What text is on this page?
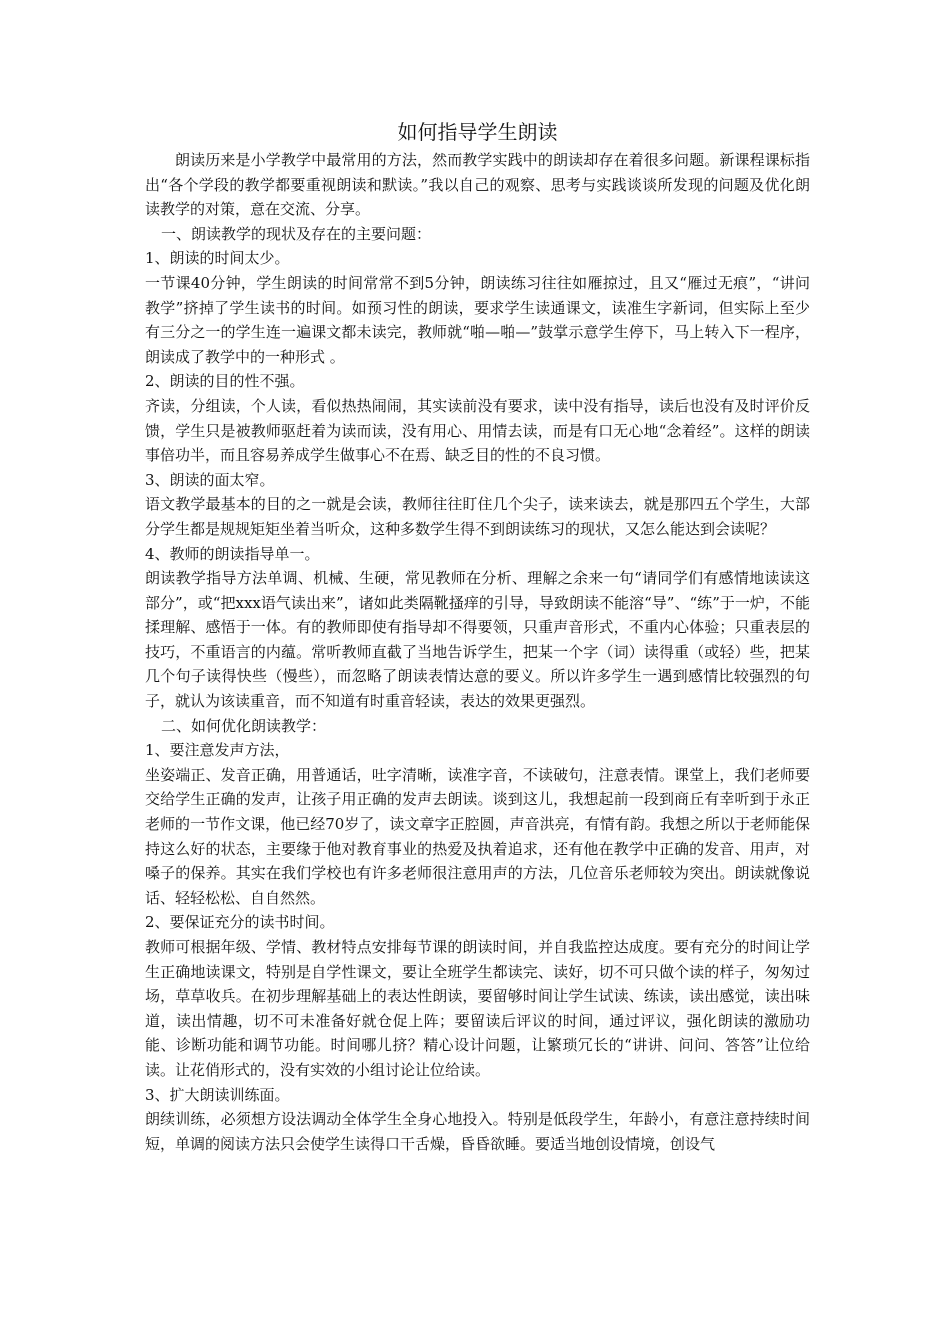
如何指导学生朗读

朗读历来是小学教学中最常用的方法，然而教学实践中的朗读却存在着很多问题。新课程课标指出“各个学段的教学都要重视朗读和默读。”我以自己的观察、思考与实践谈谈所发现的问题及优化朗读教学的对策，意在交流、分享。

一、朗读教学的现状及存在的主要问题：

1、朗读的时间太少。

一节课40分钟，学生朗读的时间常常不到5分钟，朗读练习往往如雁掠过，且又“雁过无痕”，“讲问教学”挤掉了学生读书的时间。如预习性的朗读，要求学生读通课文，读准生字新词，但实际上至少有三分之一的学生连一遍课文都未读完，教师就“啪—啪—”鼓掌示意学生停下，马上转入下一程序，朗读成了教学中的一种形式 。

2、朗读的目的性不强。

齐读，分组读，个人读，看似热热闹闹，其实读前没有要求，读中没有指导，读后也没有及时评价反馈，学生只是被教师驱赶着为读而读，没有用心、用情去读，而是有口无心地“念着经”。这样的朗读事倍功半，而且容易养成学生做事心不在焉、缺乏目的性的不良习惯。

3、朗读的面太窄。

语文教学最基本的目的之一就是会读，教师往往盯住几个尖子，读来读去，就是那四五个学生，大部分学生都是规规矩矩坐着当听众，这种多数学生得不到朗读练习的现状，又怎么能达到会读呢？

4、教师的朗读指导单一。

朗读教学指导方法单调、机械、生硬，常见教师在分析、理解之余来一句“请同学们有感情地读读这部分”，或“把xxx语气读出来”，诸如此类隔靴搔痒的引导，导致朗读不能溶“导”、“练”于一炉，不能揉理解、感悟于一体。有的教师即使有指导却不得要领，只重声音形式，不重内心体验；只重表层的技巧，不重语言的内蕴。常听教师直截了当地告诉学生，把某一个字（词）读得重（或轻）些，把某几个句子读得快些（慢些），而忽略了朗读表情达意的要义。所以许多学生一遇到感情比较强烈的句子，就认为该读重音，而不知道有时重音轻读，表达的效果更强烈。

二、如何优化朗读教学：

1、要注意发声方法，

坐姿端正、发音正确，用普通话，吐字清晰，读准字音，不读破句，注意表情。课堂上，我们老师要交给学生正确的发声，让孩子用正确的发声去朗读。谈到这儿，我想起前一段到商丘有幸听到于永正老师的一节作文课，他已经70岁了，读文章字正腔圆，声音洪亮，有情有韵。我想之所以于老师能保持这么好的状态，主要缘于他对教育事业的热爱及执着追求，还有他在教学中正确的发音、用声，对嗓子的保养。其实在我们学校也有许多老师很注意用声的方法，几位音乐老师较为突出。朗读就像说话、轻轻松松、自自然然。

2、要保证充分的读书时间。

教师可根据年级、学情、教材特点安排每节课的朗读时间，并自我监控达成度。要有充分的时间让学生正确地读课文，特别是自学性课文，要让全班学生都读完、读好，切不可只做个读的样子，匆匆过场，草草收兵。在初步理解基础上的表达性朗读，要留够时间让学生试读、练读，读出感觉，读出味道，读出情趣，切不可未准备好就仓促上阵；要留读后评议的时间，通过评议，强化朗读的激励功能、诊断功能和调节功能。时间哪儿挤？精心设计问题，让繁琐冗长的“讲讲、问问、答答”让位给读。让花俏形式的，没有实效的小组讨论让位给读。

3、扩大朗读训练面。

朗续训练，必须想方设法调动全体学生全身心地投入。特别是低段学生，年龄小，有意注意持续时间短，单调的阅读方法只会使学生读得口干舌燥，昏昏欲睡。要适当地创设情境，创设气
